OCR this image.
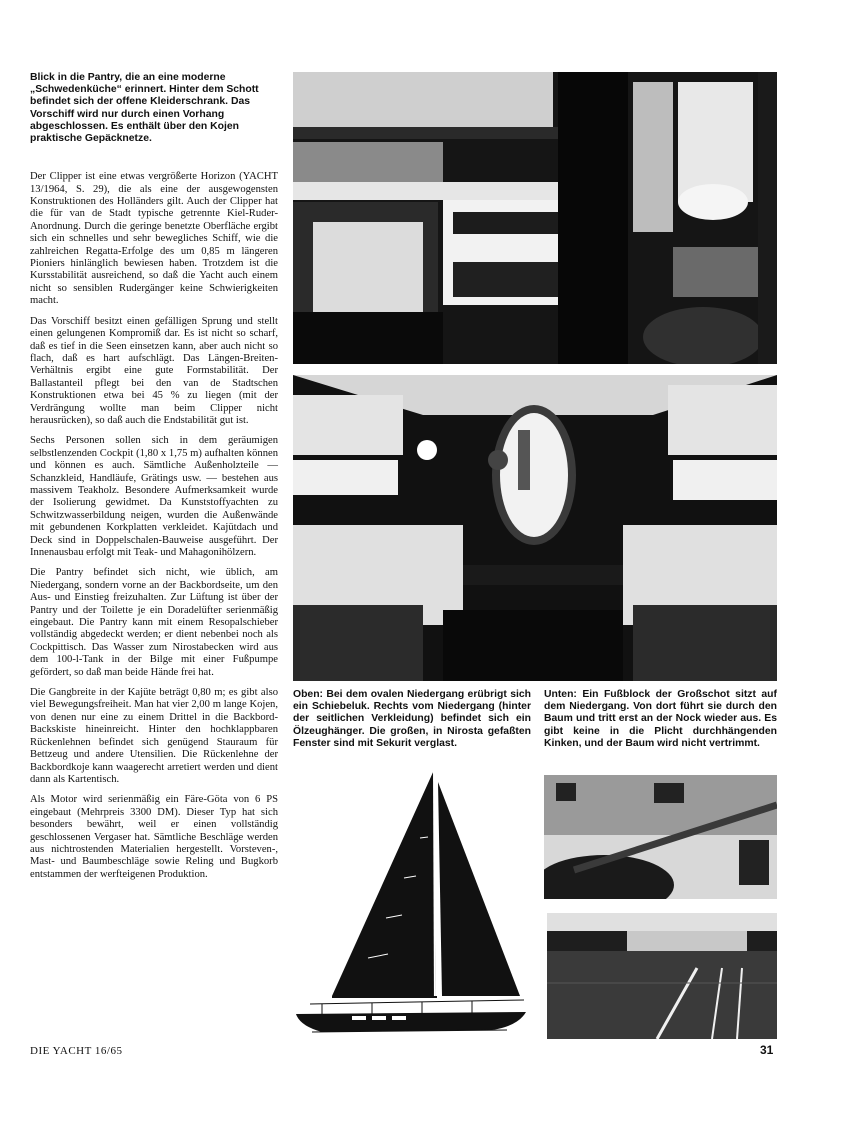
Blick in die Pantry, die an eine moderne „Schwedenküche“ erinnert. Hinter dem Schott befindet sich der offene Kleiderschrank. Das Vorschiff wird nur durch einen Vorhang abgeschlossen. Es enthält über den Kojen praktische Gepäcknetze.

Der Clipper ist eine etwas vergrößerte Horizon (YACHT 13/1964, S. 29), die als eine der ausgewogensten Konstruktionen des Holländers gilt. Auch der Clipper hat die für van de Stadt typische getrennte Kiel-Ruder-Anordnung. Durch die geringe benetzte Oberfläche ergibt sich ein schnelles und sehr bewegliches Schiff, wie die zahlreichen Regatta-Erfolge des um 0,85 m längeren Pioniers hinlänglich bewiesen haben. Trotzdem ist die Kursstabilität ausreichend, so daß die Yacht auch einem nicht so sensiblen Rudergänger keine Schwierigkeiten macht.

Das Vorschiff besitzt einen gefälligen Sprung und stellt einen gelungenen Kompromiß dar. Es ist nicht so scharf, daß es tief in die Seen einsetzen kann, aber auch nicht so flach, daß es hart aufschlägt. Das Längen-Breiten-Verhältnis ergibt eine gute Formstabilität. Der Ballastanteil pflegt bei den van de Stadtschen Konstruktionen etwa bei 45 % zu liegen (mit der Verdrängung wollte man beim Clipper nicht herausrücken), so daß auch die Endstabilität gut ist.

Sechs Personen sollen sich in dem geräumigen selbstlenzenden Cockpit (1,80 x 1,75 m) aufhalten können und können es auch. Sämtliche Außenholzteile — Schanzkleid, Handläufe, Grätings usw. — bestehen aus massivem Teakholz. Besondere Aufmerksamkeit wurde der Isolierung gewidmet. Da Kunststoffyachten zu Schwitzwasserbildung neigen, wurden die Außenwände mit gebundenen Korkplatten verkleidet. Kajütdach und Deck sind in Doppelschalen-Bauweise ausgeführt. Der Innenausbau erfolgt mit Teak- und Mahagonihölzern.

Die Pantry befindet sich nicht, wie üblich, am Niedergang, sondern vorne an der Backbordseite, um den Aus- und Einstieg freizuhalten. Zur Lüftung ist über der Pantry und der Toilette je ein Doradelüfter serienmäßig eingebaut. Die Pantry kann mit einem Resopalschieber vollständig abgedeckt werden; er dient nebenbei noch als Cockpittisch. Das Wasser zum Nirostabecken wird aus dem 100-l-Tank in der Bilge mit einer Fußpumpe gefördert, so daß man beide Hände frei hat.

Die Gangbreite in der Kajüte beträgt 0,80 m; es gibt also viel Bewegungsfreiheit. Man hat vier 2,00 m lange Kojen, von denen nur eine zu einem Drittel in die Backbord-Backskiste hineinreicht. Hinter den hochklappbaren Rückenlehnen befindet sich genügend Stauraum für Bettzeug und andere Utensilien. Die Rückenlehne der Backbordkoje kann waagerecht arretiert werden und dient dann als Kartentisch.

Als Motor wird serienmäßig ein Färe-Göta von 6 PS eingebaut (Mehrpreis 3300 DM). Dieser Typ hat sich besonders bewährt, weil er einen vollständig geschlossenen Vergaser hat. Sämtliche Beschläge werden aus nichtrostenden Materialien hergestellt. Vorsteven-, Mast- und Baumbeschläge sowie Reling und Bugkorb entstammen der werfteigenen Produktion.

Oben: Bei dem ovalen Niedergang erübrigt sich ein Schiebeluk. Rechts vom Niedergang (hinter der seitlichen Verkleidung) befindet sich ein Ölzeughänger. Die großen, in Nirosta gefaßten Fenster sind mit Sekurit verglast.
Unten: Ein Fußblock der Großschot sitzt auf dem Niedergang. Von dort führt sie durch den Baum und tritt erst an der Nock wieder aus. Es gibt keine in die Plicht durchhängenden Kinken, und der Baum wird nicht vertrimmt.
DIE YACHT 16/65	31
